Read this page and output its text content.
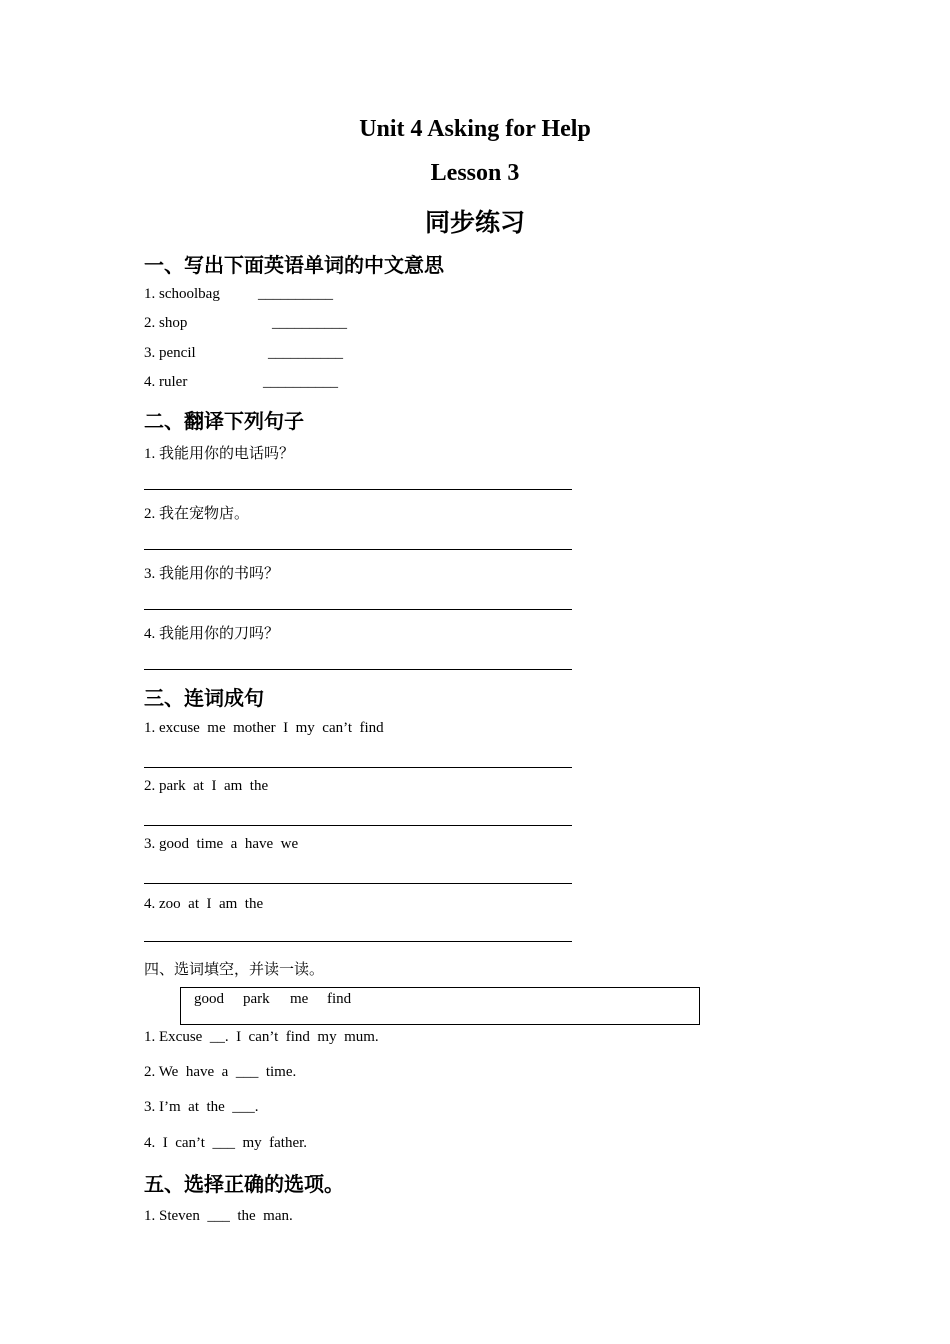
Unit 4 Asking for Help
Lesson 3
同步练习
一、写出下面英语单词的中文意思
1. schoolbag	__________
2. shop	__________
3. pencil	__________
4. ruler	__________
二、翻译下列句子
1. 我能用你的电话吗？
2. 我在宠物店。
3. 我能用你的书吗？
4. 我能用你的刀吗？
三、连词成句
1. excuse  me  mother  I  my  can’t  find
2. park  at  I  am  the
3. good  time  a  have  we
4. zoo  at  I  am  the
四、选词填空，并读一读。

good

park

me

find

1. Excuse  __.  I  can’t  find  my  mum.
2. We  have  a  ___  time.
3. I’m  at  the  ___.
4.  I  can’t  ___  my  father.
五、选择正确的选项。
1. Steven  ___  the  man.
